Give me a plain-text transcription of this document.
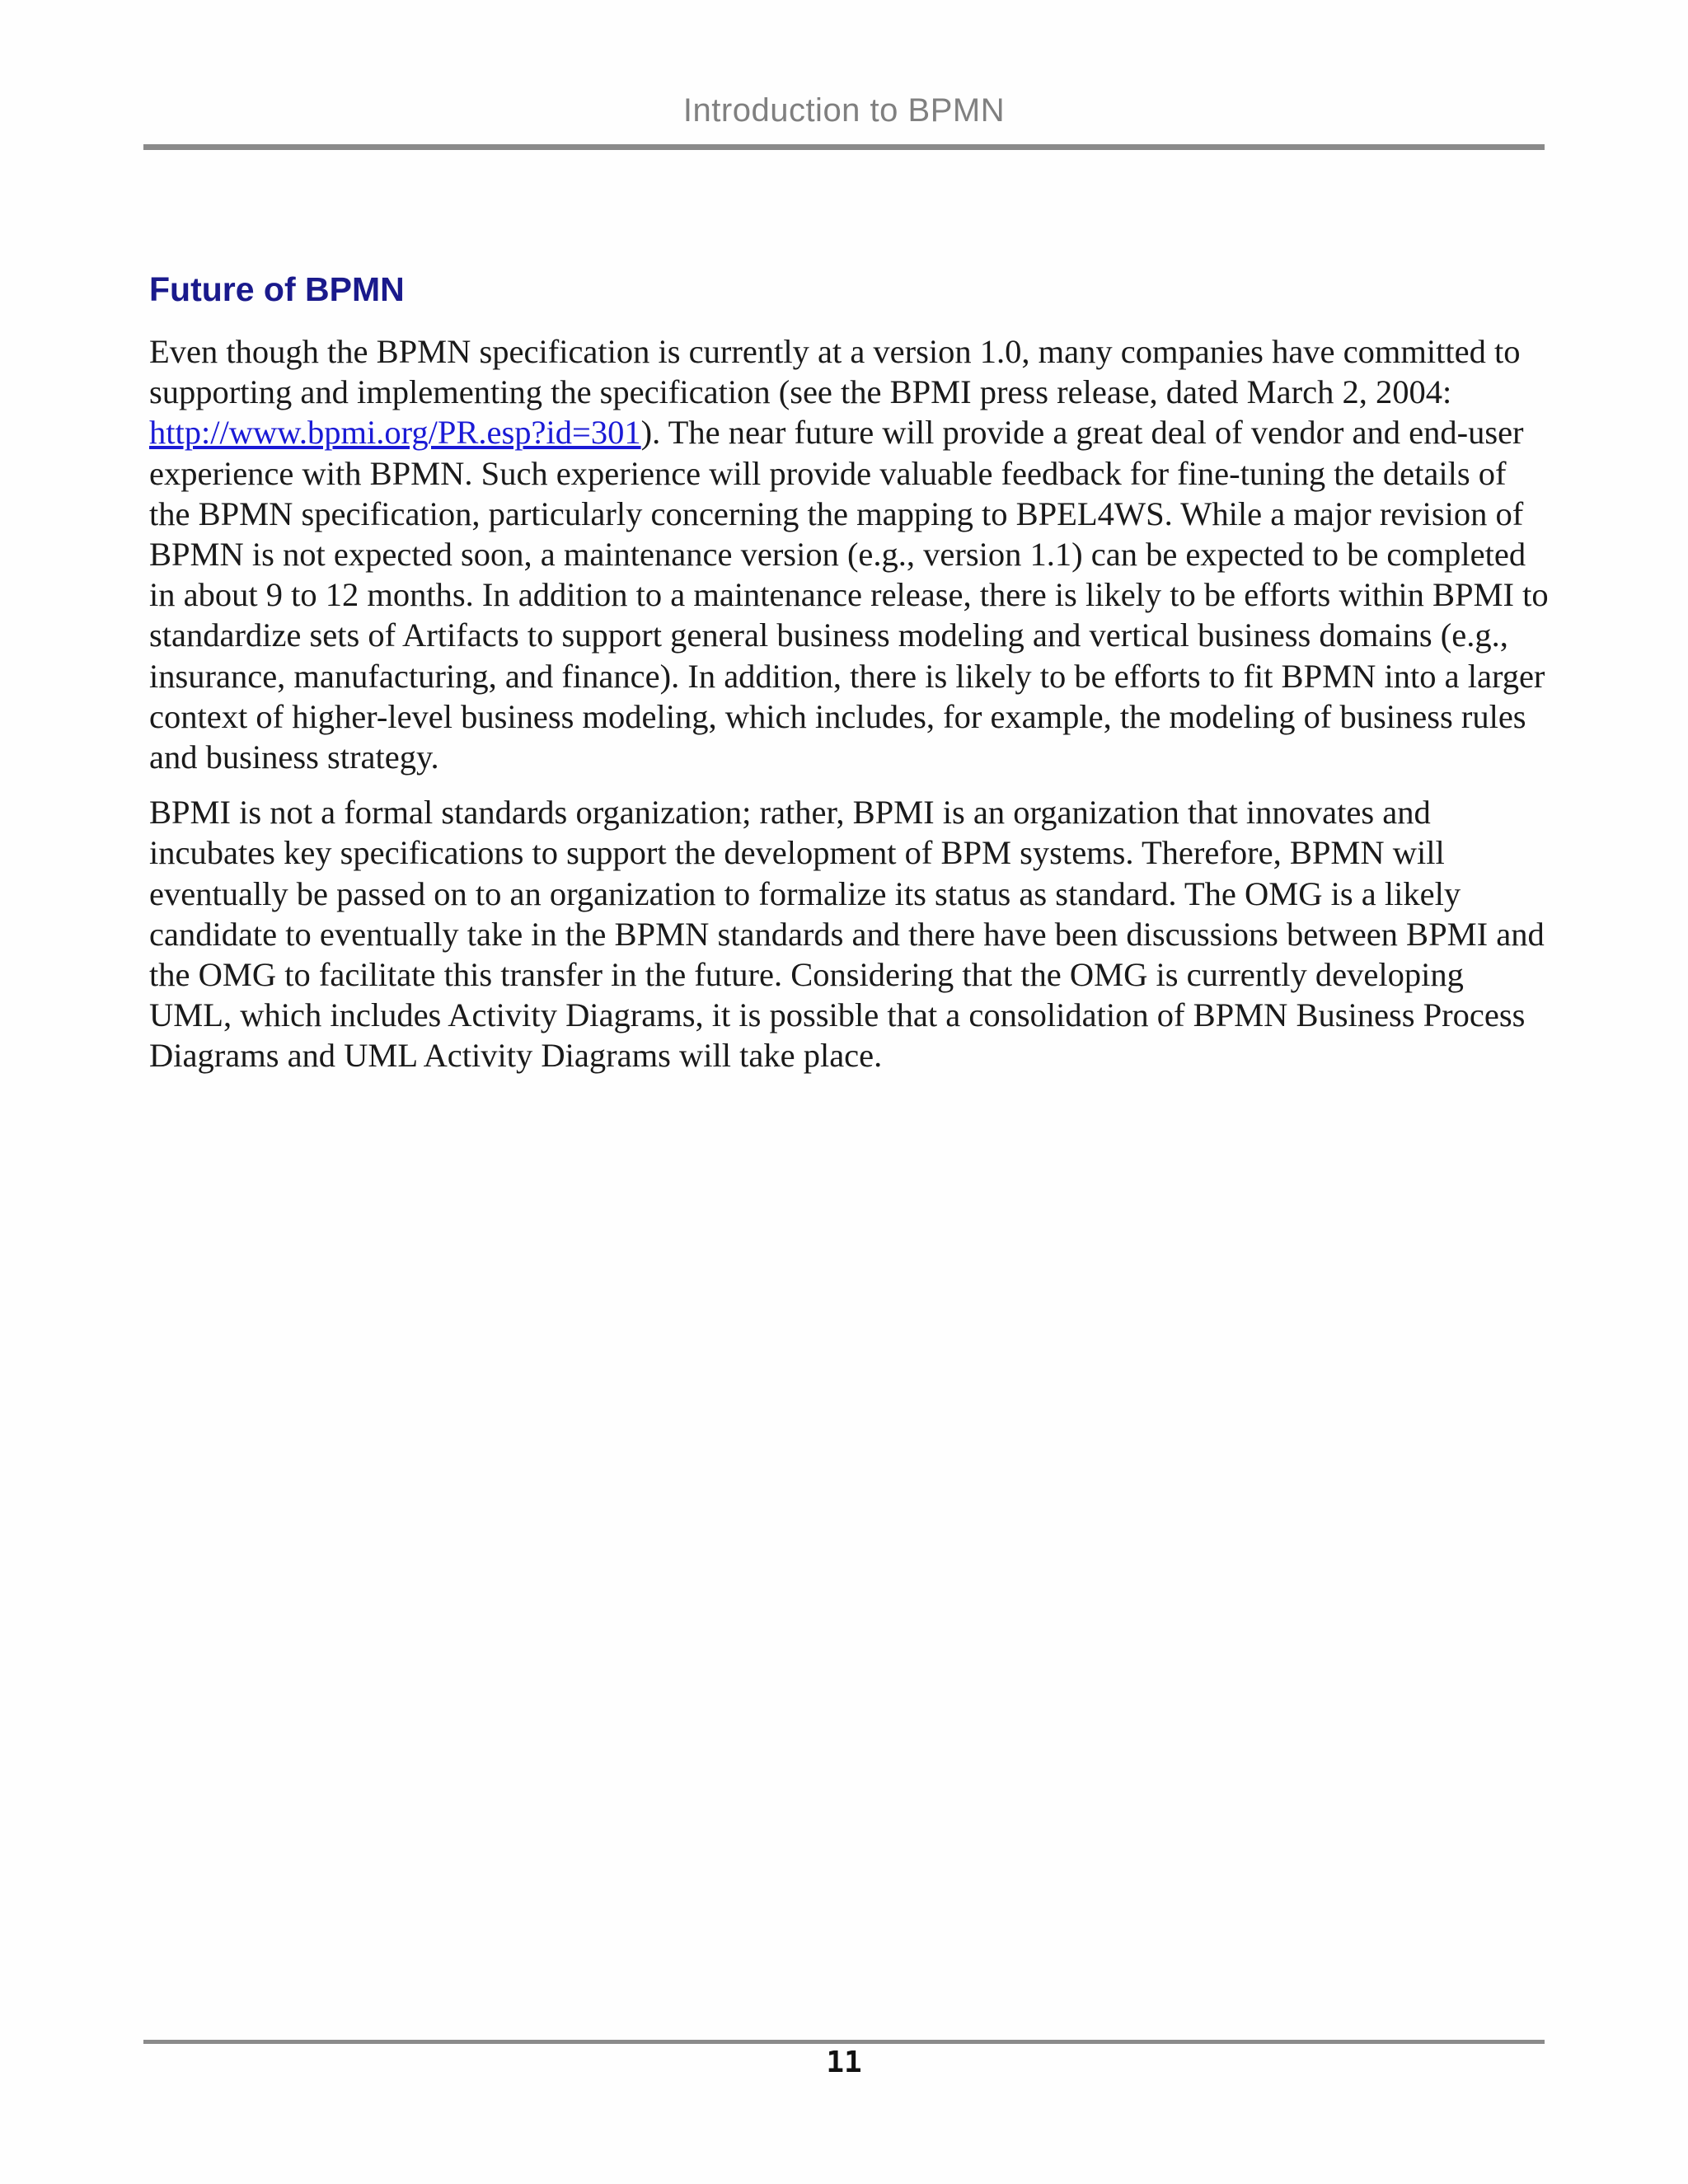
Introduction to BPMN
Future of BPMN

Even though the BPMN specification is currently at a version 1.0, many companies have committed to supporting and implementing the specification (see the BPMI press release, dated March 2, 2004: http://www.bpmi.org/PR.esp?id=301). The near future will provide a great deal of vendor and end-user experience with BPMN. Such experience will provide valuable feedback for fine-tuning the details of the BPMN specification, particularly concerning the mapping to BPEL4WS. While a major revision of BPMN is not expected soon, a maintenance version (e.g., version 1.1) can be expected to be completed in about 9 to 12 months. In addition to a maintenance release, there is likely to be efforts within BPMI to standardize sets of Artifacts to support general business modeling and vertical business domains (e.g., insurance, manufacturing, and finance). In addition, there is likely to be efforts to fit BPMN into a larger context of higher-level business modeling, which includes, for example, the modeling of business rules and business strategy.

BPMI is not a formal standards organization; rather, BPMI is an organization that innovates and incubates key specifications to support the development of BPM systems. Therefore, BPMN will eventually be passed on to an organization to formalize its status as standard. The OMG is a likely candidate to eventually take in the BPMN standards and there have been discussions between BPMI and the OMG to facilitate this transfer in the future. Considering that the OMG is currently developing UML, which includes Activity Diagrams, it is possible that a consolidation of BPMN Business Process Diagrams and UML Activity Diagrams will take place.

11
